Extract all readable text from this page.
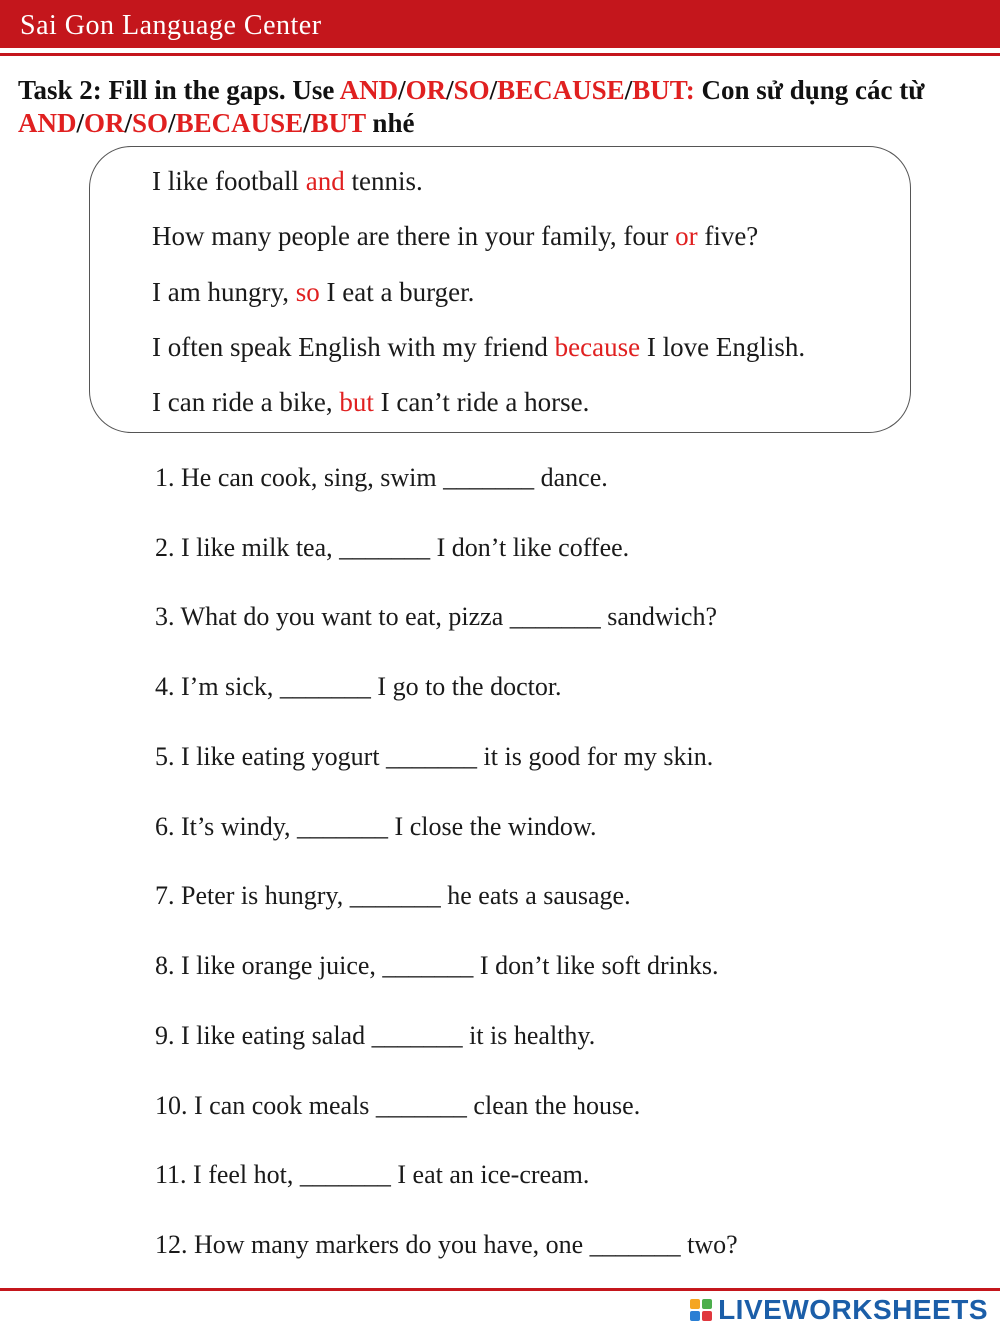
Sai Gon Language Center
Task 2: Fill in the gaps. Use AND/OR/SO/BECAUSE/BUT: Con sử dụng các từ AND/OR/SO/BECAUSE/BUT nhé
I like football and tennis.
How many people are there in your family, four or five?
I am hungry, so I eat a burger.
I often speak English with my friend because I love English.
I can ride a bike, but I can’t ride a horse.
1. He can cook, sing, swim _______ dance.
2. I like milk tea, _______ I don’t like coffee.
3. What do you want to eat, pizza _______ sandwich?
4. I’m sick, _______ I go to the doctor.
5. I like eating yogurt _______ it is good for my skin.
6. It’s windy, _______ I close the window.
7. Peter is hungry, _______ he eats a sausage.
8. I like orange juice, _______ I don’t like soft drinks.
9. I like eating salad _______ it is healthy.
10. I can cook meals _______ clean the house.
11. I feel hot, _______ I eat an ice-cream.
12. How many markers do you have, one _______ two?
LIVEWORKSHEETS
